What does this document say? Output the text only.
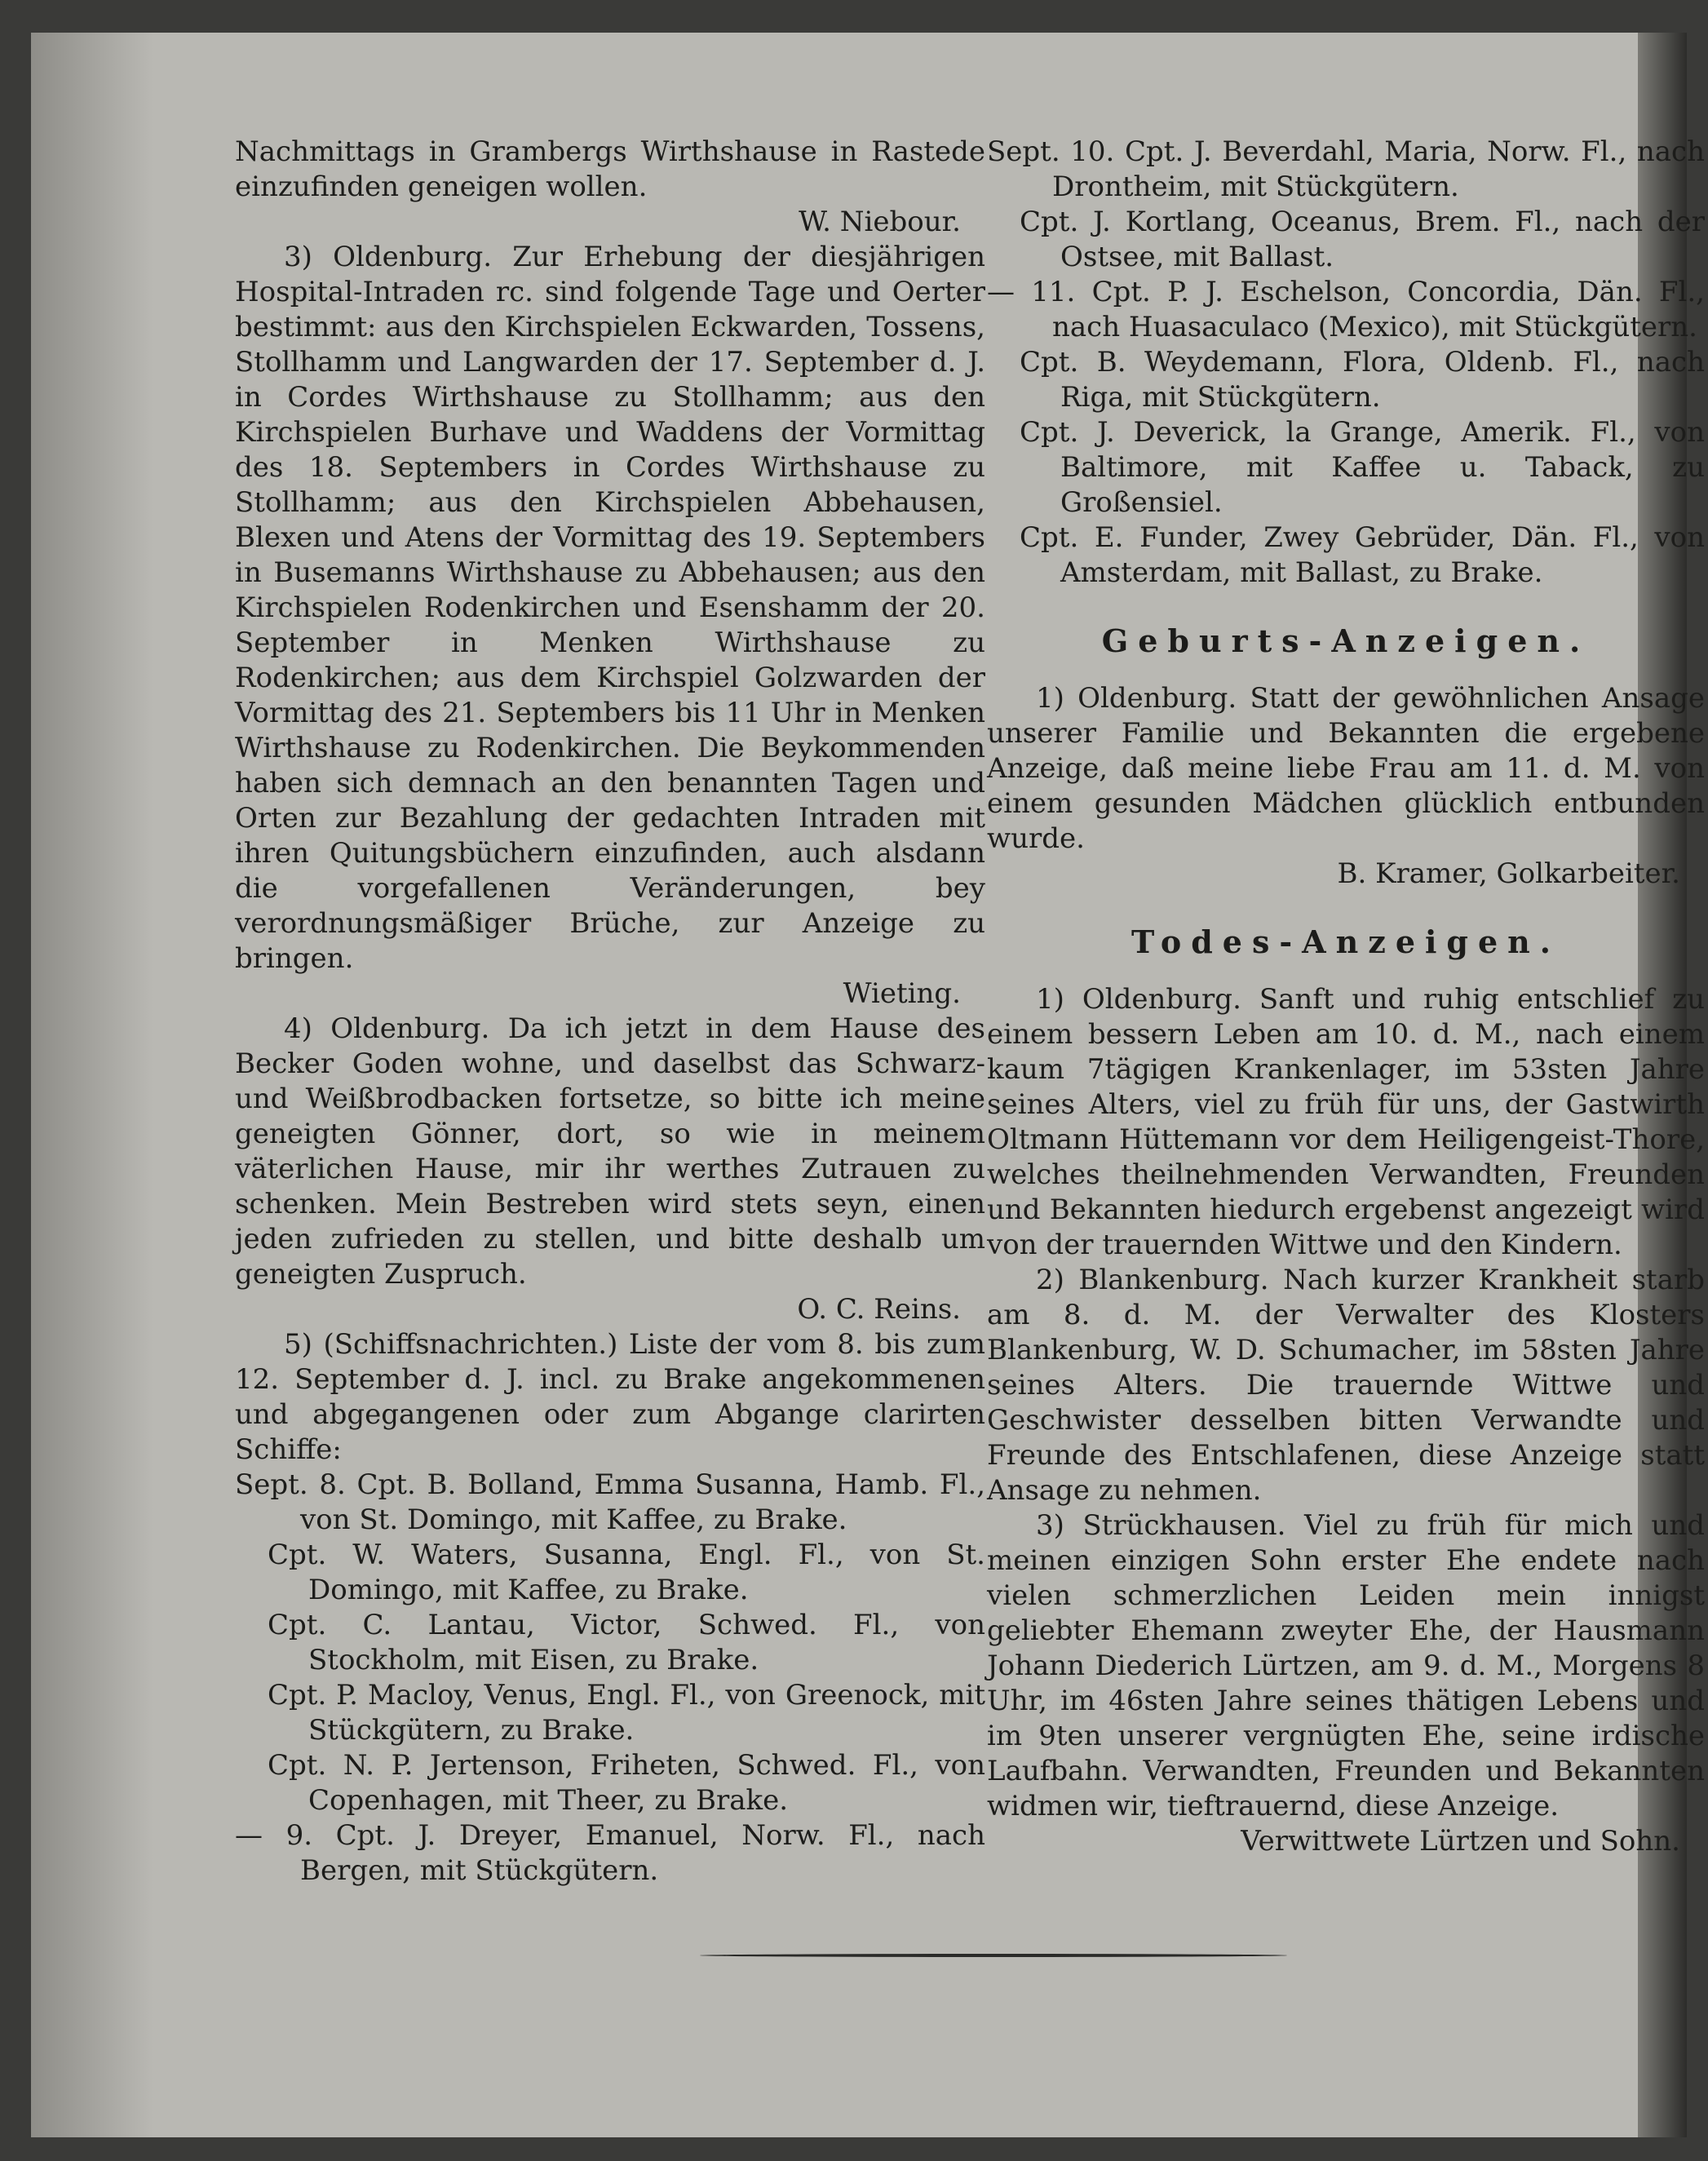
Nachmittags in Grambergs Wirthshause in Rastede einzufinden geneigen wollen.

W. Niebour.

3) Oldenburg. Zur Erhebung der diesjährigen Hospital-Intraden rc. sind folgende Tage und Oerter bestimmt: aus den Kirchspielen Eckwarden, Tossens, Stollhamm und Langwarden der 17. September d. J. in Cordes Wirthshause zu Stollhamm; aus den Kirchspielen Burhave und Waddens der Vormittag des 18. Septembers in Cordes Wirthshause zu Stollhamm; aus den Kirchspielen Abbehausen, Blexen und Atens der Vormittag des 19. Septembers in Busemanns Wirthshause zu Abbehausen; aus den Kirchspielen Rodenkirchen und Esenshamm der 20. September in Menken Wirthshause zu Rodenkirchen; aus dem Kirchspiel Golzwarden der Vormittag des 21. Septembers bis 11 Uhr in Menken Wirthshause zu Rodenkirchen. Die Beykommenden haben sich demnach an den benannten Tagen und Orten zur Bezahlung der gedachten Intraden mit ihren Quitungsbüchern einzufinden, auch alsdann die vorgefallenen Veränderungen, bey verordnungsmäßiger Brüche, zur Anzeige zu bringen.

Wieting.

4) Oldenburg. Da ich jetzt in dem Hause des Becker Goden wohne, und daselbst das Schwarz- und Weißbrodbacken fortsetze, so bitte ich meine geneigten Gönner, dort, so wie in meinem väterlichen Hause, mir ihr werthes Zutrauen zu schenken. Mein Bestreben wird stets seyn, einen jeden zufrieden zu stellen, und bitte deshalb um geneigten Zuspruch.

O. C. Reins.

5) (Schiffsnachrichten.) Liste der vom 8. bis zum 12. September d. J. incl. zu Brake angekommenen und abgegangenen oder zum Abgange clarirten Schiffe:

Sept. 8. Cpt. B. Bolland, Emma Susanna, Hamb. Fl., von St. Domingo, mit Kaffee, zu Brake.

Cpt. W. Waters, Susanna, Engl. Fl., von St. Domingo, mit Kaffee, zu Brake.

Cpt. C. Lantau, Victor, Schwed. Fl., von Stockholm, mit Eisen, zu Brake.

Cpt. P. Macloy, Venus, Engl. Fl., von Greenock, mit Stückgütern, zu Brake.

Cpt. N. P. Jertenson, Friheten, Schwed. Fl., von Copenhagen, mit Theer, zu Brake.

— 9. Cpt. J. Dreyer, Emanuel, Norw. Fl., nach Bergen, mit Stückgütern.

Sept. 10. Cpt. J. Beverdahl, Maria, Norw. Fl., nach Drontheim, mit Stückgütern.

Cpt. J. Kortlang, Oceanus, Brem. Fl., nach der Ostsee, mit Ballast.

— 11. Cpt. P. J. Eschelson, Concordia, Dän. Fl., nach Huasaculaco (Mexico), mit Stückgütern.

Cpt. B. Weydemann, Flora, Oldenb. Fl., nach Riga, mit Stückgütern.

Cpt. J. Deverick, la Grange, Amerik. Fl., von Baltimore, mit Kaffee u. Taback, zu Großensiel.

Cpt. E. Funder, Zwey Gebrüder, Dän. Fl., von Amsterdam, mit Ballast, zu Brake.

Geburts-Anzeigen.

1) Oldenburg. Statt der gewöhnlichen Ansage unserer Familie und Bekannten die ergebene Anzeige, daß meine liebe Frau am 11. d. M. von einem gesunden Mädchen glücklich entbunden wurde.

B. Kramer, Golkarbeiter.

Todes-Anzeigen.

1) Oldenburg. Sanft und ruhig entschlief zu einem bessern Leben am 10. d. M., nach einem kaum 7tägigen Krankenlager, im 53sten Jahre seines Alters, viel zu früh für uns, der Gastwirth Oltmann Hüttemann vor dem Heiligengeist-Thore, welches theilnehmenden Verwandten, Freunden und Bekannten hiedurch ergebenst angezeigt wird von der trauernden Wittwe und den Kindern.

2) Blankenburg. Nach kurzer Krankheit starb am 8. d. M. der Verwalter des Klosters Blankenburg, W. D. Schumacher, im 58sten Jahre seines Alters. Die trauernde Wittwe und Geschwister desselben bitten Verwandte und Freunde des Entschlafenen, diese Anzeige statt Ansage zu nehmen.

3) Strückhausen. Viel zu früh für mich und meinen einzigen Sohn erster Ehe endete nach vielen schmerzlichen Leiden mein innigst geliebter Ehemann zweyter Ehe, der Hausmann Johann Diederich Lürtzen, am 9. d. M., Morgens 8 Uhr, im 46sten Jahre seines thätigen Lebens und im 9ten unserer vergnügten Ehe, seine irdische Laufbahn. Verwandten, Freunden und Bekannten widmen wir, tieftrauernd, diese Anzeige.

Verwittwete Lürtzen und Sohn.
